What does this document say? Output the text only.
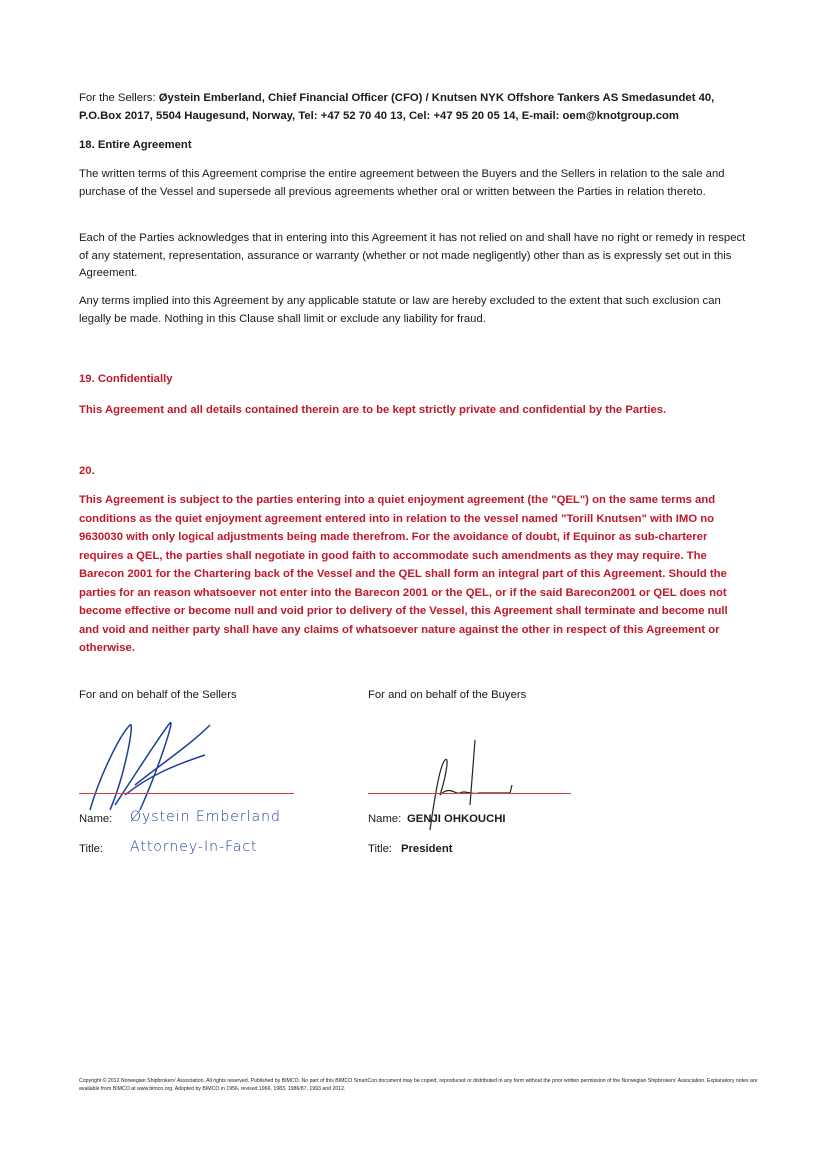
For the Sellers: Øystein Emberland, Chief Financial Officer (CFO) / Knutsen NYK Offshore Tankers AS Smedasundet 40, P.O.Box 2017, 5504 Haugesund, Norway, Tel: +47 52 70 40 13, Cel: +47 95 20 05 14, E-mail: oem@knotgroup.com
18. Entire Agreement
The written terms of this Agreement comprise the entire agreement between the Buyers and the Sellers in relation to the sale and purchase of the Vessel and supersede all previous agreements whether oral or written between the Parties in relation thereto.
Each of the Parties acknowledges that in entering into this Agreement it has not relied on and shall have no right or remedy in respect of any statement, representation, assurance or warranty (whether or not made negligently) other than as is expressly set out in this Agreement.
Any terms implied into this Agreement by any applicable statute or law are hereby excluded to the extent that such exclusion can legally be made. Nothing in this Clause shall limit or exclude any liability for fraud.
19. Confidentially
This Agreement and all details contained therein are to be kept strictly private and confidential by the Parties.
20.
This Agreement is subject to the parties entering into a quiet enjoyment agreement (the "QEL") on the same terms and conditions as the quiet enjoyment agreement entered into in relation to the vessel named "Torill Knutsen" with IMO no 9630030 with only logical adjustments being made therefrom. For the avoidance of doubt, if Equinor as sub-charterer requires a QEL, the parties shall negotiate in good faith to accommodate such amendments as they may require. The Barecon 2001 for the Chartering back of the Vessel and the QEL shall form an integral part of this Agreement. Should the parties for an reason whatsoever not enter into the Barecon 2001 or the QEL, or if the said Barecon2001 or QEL does not become effective or become null and void prior to delivery of the Vessel, this Agreement shall terminate and become null and void and neither party shall have any claims of whatsoever nature against the other in respect of this Agreement or otherwise.
For and on behalf of the Sellers	For and on behalf of the Buyers
Name: Øystein Emberland
Title: Attorney-In-Fact
Name: GENJI OHKOUCHI
Title: President
Copyright © 2012 Norwegian Shipbrokers' Association. All rights reserved. Published by BIMCO. No part of this BIMCO SmartCon document may be copied, reproduced or distributed in any form without the prior written permission of the Norwegian Shipbrokers' Association. Explanatory notes are available from BIMCO at www.bimco.org. Adopted by BIMCO in 1956, revised 1966, 1983, 1986/87, 1993 and 2012.
